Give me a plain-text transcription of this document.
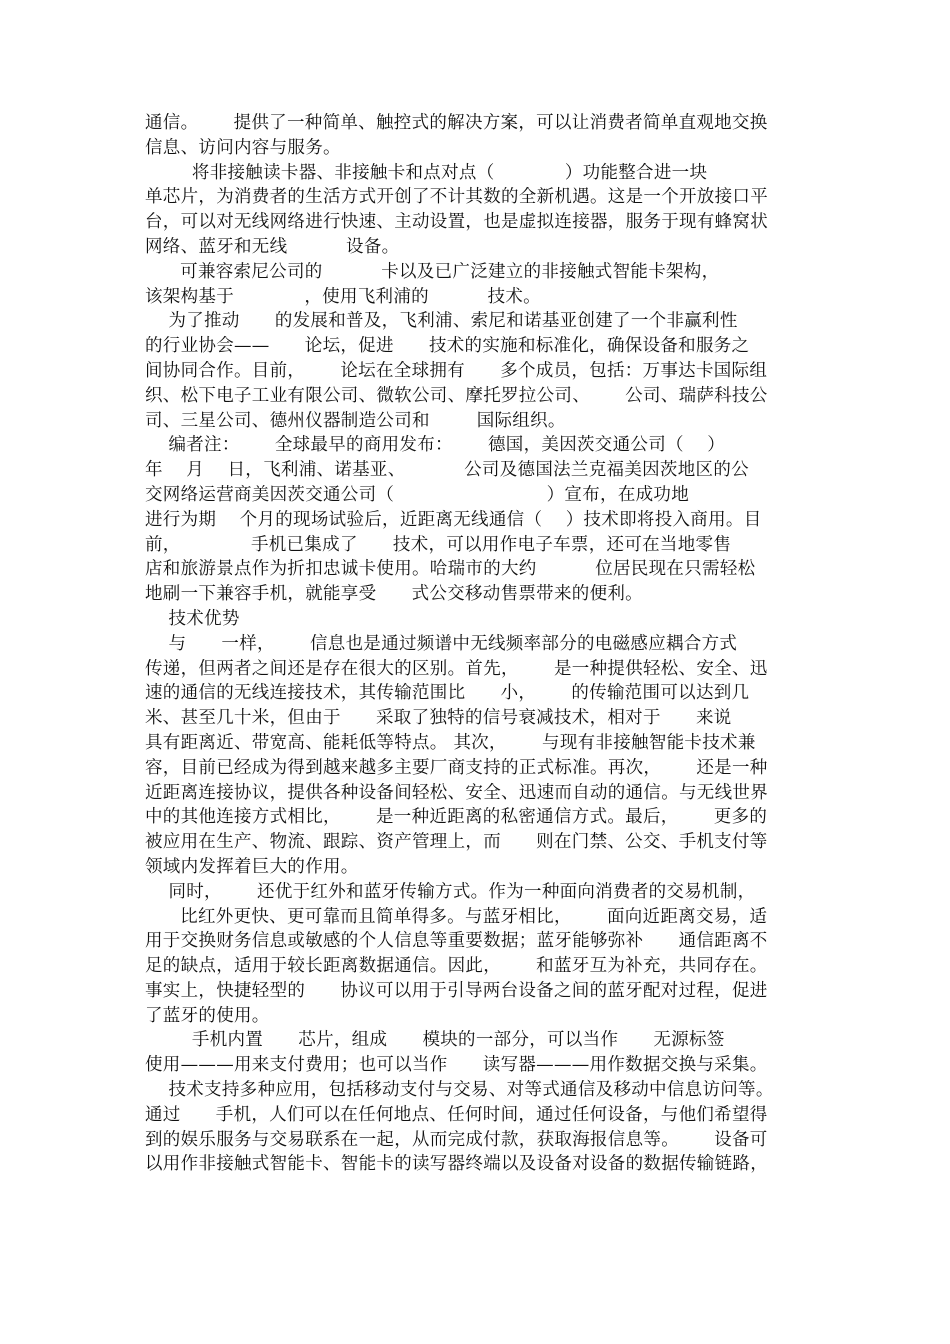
通信。      提供了一种简单、触控式的解决方案，可以让消费者简单直观地交换
信息、访问内容与服务。
将非接触读卡器、非接触卡和点对点（            ）功能整合进一块
单芯片，为消费者的生活方式开创了不计其数的全新机遇。这是一个开放接口平
台，可以对无线网络进行快速、主动设置，也是虚拟连接器，服务于现有蜂窝状
网络、蓝牙和无线          设备。
可兼容索尼公司的          卡以及已广泛建立的非接触式智能卡架构，
该架构基于            ，使用飞利浦的          技术。
为了推动      的发展和普及，飞利浦、索尼和诺基亚创建了一个非赢利性
的行业协会——      论坛，促进      技术的实施和标准化，确保设备和服务之
间协同合作。目前，      论坛在全球拥有      多个成员，包括：万事达卡国际组
织、松下电子工业有限公司、微软公司、摩托罗拉公司、      公司、瑞萨科技公
司、三星公司、德州仪器制造公司和        国际组织。
编者注：      全球最早的商用发布：      德国，美因茨交通公司（    ）
年    月    日，飞利浦、诺基亚、          公司及德国法兰克福美因茨地区的公
交网络运营商美因茨交通公司（                          ）宣布，在成功地
进行为期    个月的现场试验后，近距离无线通信（    ）技术即将投入商用。目
前，            手机已集成了      技术，可以用作电子车票，还可在当地零售
店和旅游景点作为折扣忠诚卡使用。哈瑞市的大约          位居民现在只需轻松
地刷一下兼容手机，就能享受      式公交移动售票带来的便利。
技术优势
与      一样，      信息也是通过频谱中无线频率部分的电磁感应耦合方式
传递，但两者之间还是存在很大的区别。首先，      是一种提供轻松、安全、迅
速的通信的无线连接技术，其传输范围比      小，      的传输范围可以达到几
米、甚至几十米，但由于      采取了独特的信号衰减技术，相对于      来说
具有距离近、带宽高、能耗低等特点。 其次，      与现有非接触智能卡技术兼
容，目前已经成为得到越来越多主要厂商支持的正式标准。再次，      还是一种
近距离连接协议，提供各种设备间轻松、安全、迅速而自动的通信。与无线世界
中的其他连接方式相比，      是一种近距离的私密通信方式。最后，      更多的
被应用在生产、物流、跟踪、资产管理上，而      则在门禁、公交、手机支付等
领域内发挥着巨大的作用。
同时，      还优于红外和蓝牙传输方式。作为一种面向消费者的交易机制，
比红外更快、更可靠而且简单得多。与蓝牙相比，      面向近距离交易，适
用于交换财务信息或敏感的个人信息等重要数据；蓝牙能够弥补      通信距离不
足的缺点，适用于较长距离数据通信。因此，      和蓝牙互为补充，共同存在。
事实上，快捷轻型的      协议可以用于引导两台设备之间的蓝牙配对过程，促进
了蓝牙的使用。
手机内置      芯片，组成      模块的一部分，可以当作      无源标签
使用———用来支付费用；也可以当作      读写器———用作数据交换与采集。
技术支持多种应用，包括移动支付与交易、对等式通信及移动中信息访问等。
通过      手机，人们可以在任何地点、任何时间，通过任何设备，与他们希望得
到的娱乐服务与交易联系在一起，从而完成付款，获取海报信息等。      设备可
以用作非接触式智能卡、智能卡的读写器终端以及设备对设备的数据传输链路，
